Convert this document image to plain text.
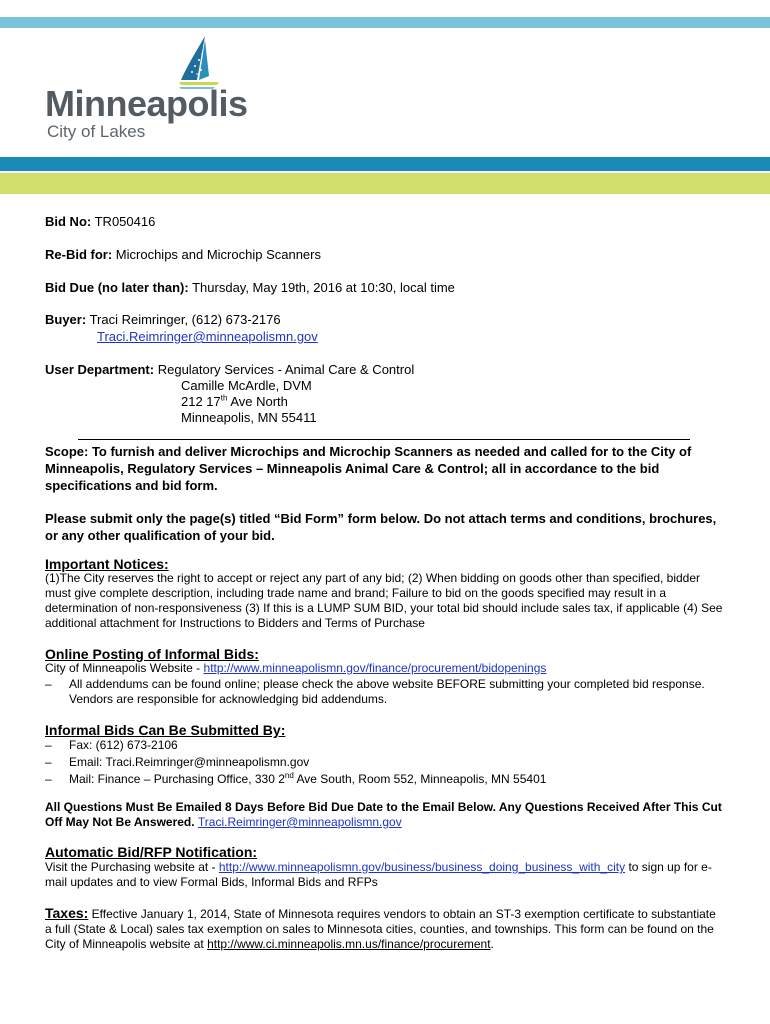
Minneapolis
City of Lakes
Bid No: TR050416
Re-Bid for: Microchips and Microchip Scanners
Bid Due (no later than): Thursday, May 19th, 2016 at 10:30, local time
Buyer: Traci Reimringer, (612) 673-2176
Traci.Reimringer@minneapolismn.gov
User Department: Regulatory Services - Animal Care & Control
Camille McArdle, DVM
212 17th Ave North
Minneapolis, MN 55411

Scope: To furnish and deliver Microchips and Microchip Scanners as needed and called for to the City of Minneapolis, Regulatory Services – Minneapolis Animal Care & Control; all in accordance to the bid specifications and bid form.

Please submit only the page(s) titled “Bid Form” form below. Do not attach terms and conditions, brochures, or any other qualification of your bid.

Important Notices:

(1)The City reserves the right to accept or reject any part of any bid; (2) When bidding on goods other than specified, bidder must give complete description, including trade name and brand; Failure to bid on the goods specified may result in a determination of non-responsiveness (3) If this is a LUMP SUM BID, your total bid should include sales tax, if applicable (4) See additional attachment for Instructions to Bidders and Terms of Purchase

Online Posting of Informal Bids:
City of Minneapolis Website - http://www.minneapolismn.gov/finance/procurement/bidopenings
–	All addendums can be found online; please check the above website BEFORE submitting your completed bid response. Vendors are responsible for acknowledging bid addendums.

Informal Bids Can Be Submitted By:
– Fax: (612) 673-2106
– Email: Traci.Reimringer@minneapolismn.gov
– Mail: Finance – Purchasing Office, 330 2nd Ave South, Room 552, Minneapolis, MN 55401

All Questions Must Be Emailed 8 Days Before Bid Due Date to the Email Below. Any Questions Received After This Cut Off May Not Be Answered. Traci.Reimringer@minneapolismn.gov

Automatic Bid/RFP Notification:

Visit the Purchasing website at - http://www.minneapolismn.gov/business/business_doing_business_with_city to sign up for e-mail updates and to view Formal Bids, Informal Bids and RFPs

Taxes: Effective January 1, 2014, State of Minnesota requires vendors to obtain an ST-3 exemption certificate to substantiate a full (State & Local) sales tax exemption on sales to Minnesota cities, counties, and townships. This form can be found on the City of Minneapolis website at http://www.ci.minneapolis.mn.us/finance/procurement.
